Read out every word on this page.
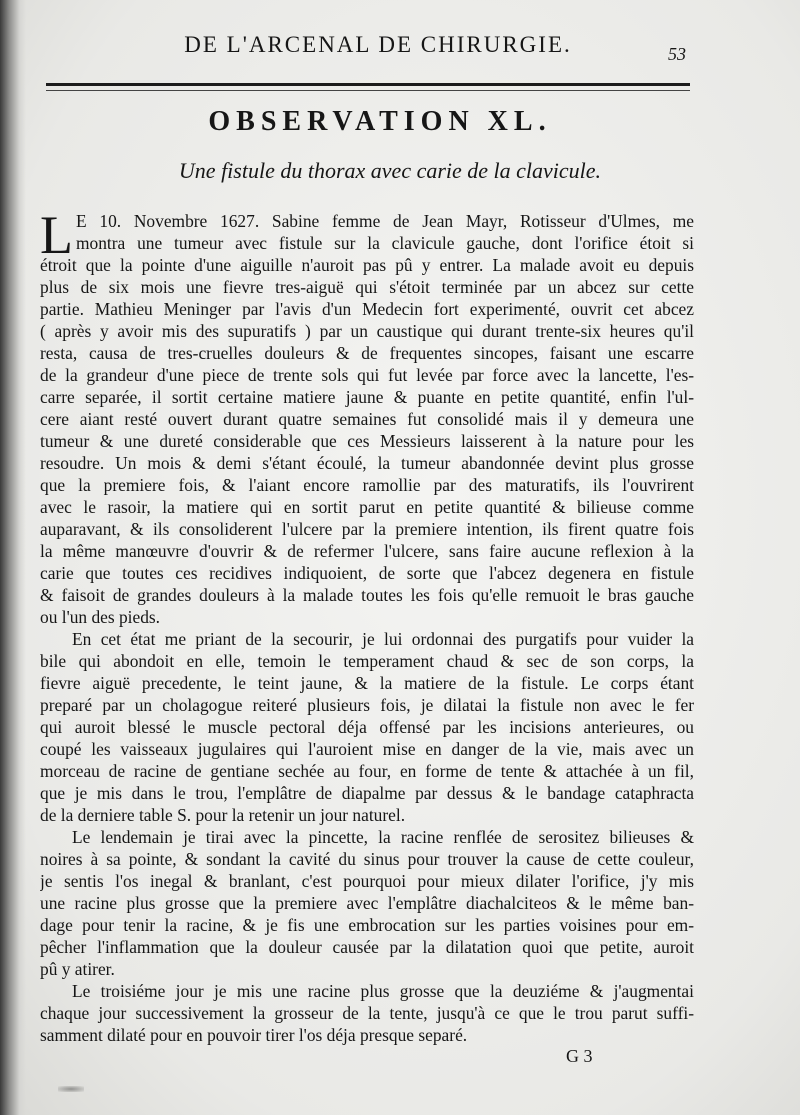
DE L'ARCENAL DE CHIRURGIE.	53
OBSERVATION XL.
Une fistule du thorax avec carie de la clavicule.
L E 10. Novembre 1627. Sabine femme de Jean Mayr, Rotisseur d'Ulmes, me
montra une tumeur avec fistule sur la clavicule gauche, dont l'orifice étoit si
étroit que la pointe d'une aiguille n'auroit pas pû y entrer. La malade avoit eu depuis
plus de six mois une fievre tres-aiguë qui s'étoit terminée par un abcez sur cette
partie. Mathieu Meninger par l'avis d'un Medecin fort experimenté, ouvrit cet abcez
( après y avoir mis des supuratifs ) par un caustique qui durant trente-six heures qu'il
resta, causa de tres-cruelles douleurs & de frequentes sincopes, faisant une escarre
de la grandeur d'une piece de trente sols qui fut levée par force avec la lancette, l'es-
carre separée, il sortit certaine matiere jaune & puante en petite quantité, enfin l'ul-
cere aiant resté ouvert durant quatre semaines fut consolidé mais il y demeura une
tumeur & une dureté considerable que ces Messieurs laisserent à la nature pour les
resoudre. Un mois & demi s'étant écoulé, la tumeur abandonnée devint plus grosse
que la premiere fois, & l'aiant encore ramollie par des maturatifs, ils l'ouvrirent
avec le rasoir, la matiere qui en sortit parut en petite quantité & bilieuse comme
auparavant, & ils consoliderent l'ulcere par la premiere intention, ils firent quatre fois
la même manœuvre d'ouvrir & de refermer l'ulcere, sans faire aucune reflexion à la
carie que toutes ces recidives indiquoient, de sorte que l'abcez degenera en fistule
& faisoit de grandes douleurs à la malade toutes les fois qu'elle remuoit le bras gauche
ou l'un des pieds.
En cet état me priant de la secourir, je lui ordonnai des purgatifs pour vuider la
bile qui abondoit en elle, temoin le temperament chaud & sec de son corps, la
fievre aiguë precedente, le teint jaune, & la matiere de la fistule. Le corps étant
preparé par un cholagogue reiteré plusieurs fois, je dilatai la fistule non avec le fer
qui auroit blessé le muscle pectoral déja offensé par les incisions anterieures, ou
coupé les vaisseaux jugulaires qui l'auroient mise en danger de la vie, mais avec un
morceau de racine de gentiane sechée au four, en forme de tente & attachée à un fil,
que je mis dans le trou, l'emplâtre de diapalme par dessus & le bandage cataphracta
de la derniere table S. pour la retenir un jour naturel.
Le lendemain je tirai avec la pincette, la racine renflée de serositez bilieuses &
noires à sa pointe, & sondant la cavité du sinus pour trouver la cause de cette couleur,
je sentis l'os inegal & branlant, c'est pourquoi pour mieux dilater l'orifice, j'y mis
une racine plus grosse que la premiere avec l'emplâtre diachalciteos & le même ban-
dage pour tenir la racine, & je fis une embrocation sur les parties voisines pour em-
pêcher l'inflammation que la douleur causée par la dilatation quoi que petite, auroit
pû y atirer.
Le troisiéme jour je mis une racine plus grosse que la deuziéme & j'augmentai
chaque jour successivement la grosseur de la tente, jusqu'à ce que le trou parut suffi-
samment dilaté pour en pouvoir tirer l'os déja presque separé.
G 3
